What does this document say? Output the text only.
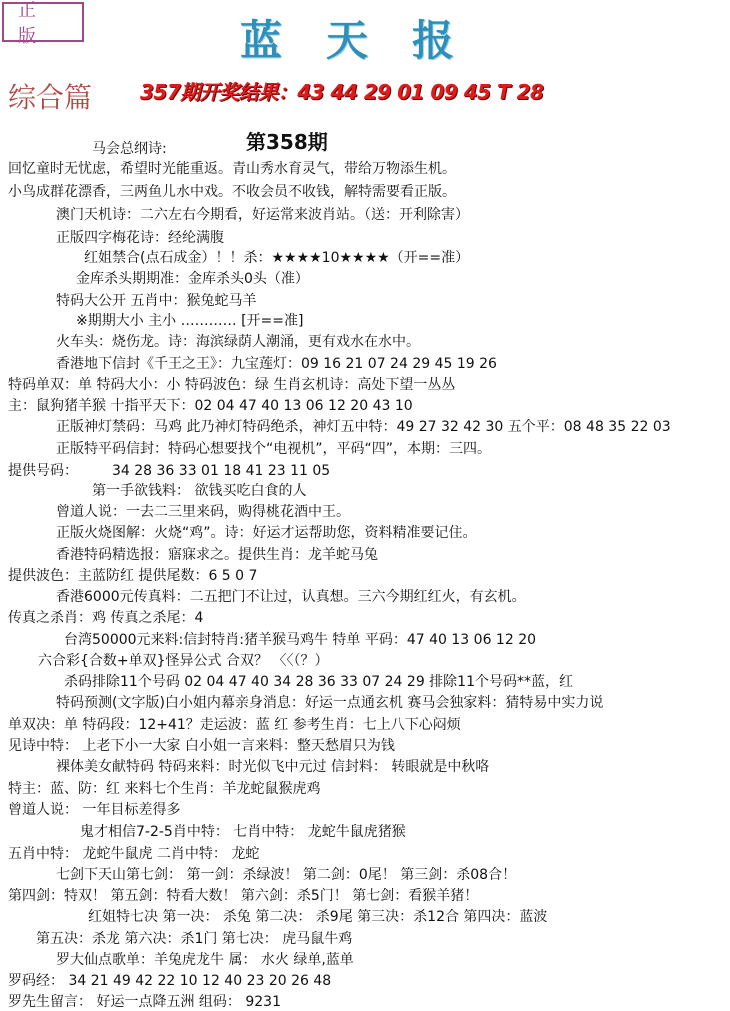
正版	蓝天报
综合篇 357期开奖结果：43 44 29 01 09 45 T 28
马会总纲诗:	第358期
回忆童时无忧虑，希望时光能重返。青山秀水育灵气，带给万物添生机。
小鸟成群花漂香，三两鱼儿水中戏。不收会员不收钱，解特需要看正版。
澳门天机诗：二六左右今期看，好运常来波肖站。（送：开利除害）
正版四字梅花诗：经纶满腹
红姐禁合(点石成金）！！杀：★★★★10★★★★（开==准）
金库杀头期期准：金库杀头0头（准）
特码大公开 五肖中：猴兔蛇马羊
※期期大小 主小 ………… [开==准]
火车头：烧伤龙。诗：海滨绿荫人潮涌，更有戏水在水中。
香港地下信封《千王之王》：九宝莲灯：09 16 21 07 24 29 45 19 26
特码单双：单 特码大小：小 特码波色：绿 生肖玄机诗：高处下望一丛丛
主：鼠狗猪羊猴 十指平天下：02 04 47 40 13 06 12 20 43 10
正版神灯禁码：马鸡 此乃神灯特码绝杀，神灯五中特：49 27 32 42 30 五个平：08 48 35 22 03
正版特平码信封：特码心想要找个“电视机”，平码“四”，本期：三四。
提供号码： 34 28 36 33 01 18 41 23 11 05
第一手欲钱料： 欲钱买吃白食的人
曾道人说：一去二三里来码，购得桃花酒中王。
正版火烧图解：火烧“鸡”。诗：好运才运帮助您，资料精准要记住。
香港特码精选报：寤寐求之。提供生肖：龙羊蛇马兔
提供波色：主蓝防红 提供尾数：6 5 0 7
香港6000元传真料：二五把门不让过，认真想。三六今期红红火，有玄机。
传真之杀肖：鸡 传真之杀尾：4
台湾50000元来料:信封特肖:猪羊猴马鸡牛 特单 平码：47 40 13 06 12 20
六合彩{合数+单双}怪异公式 合双？ 〈〈（？）
杀码排除11个号码 02 04 47 40 34 28 36 33 07 24 29 排除11个号码**蓝，红
特码预测(文字版)白小姐内幕亲身消息：好运一点通玄机 赛马会独家料：猜特易中实力说
单双决：单 特码段：12+41？走运波：蓝 红 参考生肖：七上八下心闷烦
见诗中特： 上老下小一大家 白小姐一言来料：整天愁眉只为钱
裸体美女献特码 特码来料：时光似飞中元过 信封料： 转眼就是中秋咯
特主：蓝、防：红 来料七个生肖：羊龙蛇鼠猴虎鸡
曾道人说： 一年目标差得多
鬼才相信7-2-5肖中特： 七肖中特： 龙蛇牛鼠虎猪猴
五肖中特： 龙蛇牛鼠虎 二肖中特： 龙蛇
七剑下天山第七剑： 第一剑：杀绿波！ 第二剑：0尾！ 第三剑：杀08合！
第四剑：特双！ 第五剑：特看大数！ 第六剑：杀5门！ 第七剑：看猴羊猪！
红姐特七决 第一决： 杀兔 第二决： 杀9尾 第三决：杀12合 第四决：蓝波
第五决：杀龙 第六决：杀1门 第七决： 虎马鼠牛鸡
罗大仙点歌单：羊兔虎龙牛 属： 水火 绿单,蓝单
罗码经： 34 21 49 42 22 10 12 40 23 20 26 48
罗先生留言： 好运一点降五洲 组码： 9231
